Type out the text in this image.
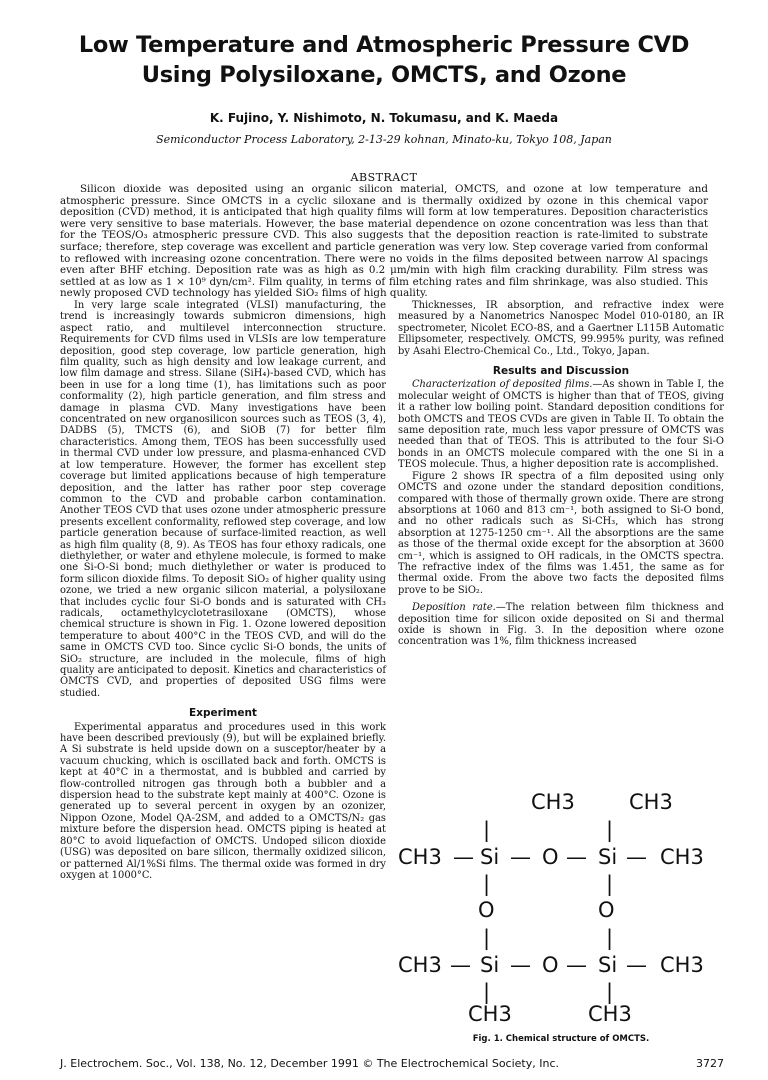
Low Temperature and Atmospheric Pressure CVD Using Polysiloxane, OMCTS, and Ozone
K. Fujino, Y. Nishimoto, N. Tokumasu, and K. Maeda
Semiconductor Process Laboratory, 2-13-29 kohnan, Minato-ku, Tokyo 108, Japan
ABSTRACT

Silicon dioxide was deposited using an organic silicon material, OMCTS, and ozone at low temperature and atmospheric pressure. Since OMCTS in a cyclic siloxane and is thermally oxidized by ozone in this chemical vapor deposition (CVD) method, it is anticipated that high quality films will form at low temperatures. Deposition characteristics were very sensitive to base materials. However, the base material dependence on ozone concentration was less than that for the TEOS/O₃ atmospheric pressure CVD. This also suggests that the deposition reaction is rate-limited to substrate surface; therefore, step coverage was excellent and particle generation was very low. Step coverage varied from conformal to reflowed with increasing ozone concentration. There were no voids in the films deposited between narrow Al spacings even after BHF etching. Deposition rate was as high as 0.2 μm/min with high film cracking durability. Film stress was settled at as low as 1 × 10⁹ dyn/cm². Film quality, in terms of film etching rates and film shrinkage, was also studied. This newly proposed CVD technology has yielded SiO₂ films of high quality.

In very large scale integrated (VLSI) manufacturing, the trend is increasingly towards submicron dimensions, high aspect ratio, and multilevel interconnection structure. Requirements for CVD films used in VLSIs are low temperature deposition, good step coverage, low particle generation, high film quality, such as high density and low leakage current, and low film damage and stress. Silane (SiH₄)-based CVD, which has been in use for a long time (1), has limitations such as poor conformality (2), high particle generation, and film stress and damage in plasma CVD. Many investigations have been concentrated on new organosilicon sources such as TEOS (3, 4), DADBS (5), TMCTS (6), and SiOB (7) for better film characteristics. Among them, TEOS has been successfully used in thermal CVD under low pressure, and plasma-enhanced CVD at low temperature. However, the former has excellent step coverage but limited applications because of high temperature deposition, and the latter has rather poor step coverage common to the CVD and probable carbon contamination. Another TEOS CVD that uses ozone under atmospheric pressure presents excellent conformality, reflowed step coverage, and low particle generation because of surface-limited reaction, as well as high film quality (8, 9). As TEOS has four ethoxy radicals, one diethylether, or water and ethylene molecule, is formed to make one Si-O-Si bond; much diethylether or water is produced to form silicon dioxide films. To deposit SiO₂ of higher quality using ozone, we tried a new organic silicon material, a polysiloxane that includes cyclic four Si-O bonds and is saturated with CH₃ radicals, octamethylcyclotetrasiloxane (OMCTS), whose chemical structure is shown in Fig. 1. Ozone lowered deposition temperature to about 400°C in the TEOS CVD, and will do the same in OMCTS CVD too. Since cyclic Si-O bonds, the units of SiO₂ structure, are included in the molecule, films of high quality are anticipated to deposit. Kinetics and characteristics of OMCTS CVD, and properties of deposited USG films were studied.

Experiment

Experimental apparatus and procedures used in this work have been described previously (9), but will be explained briefly. A Si substrate is held upside down on a susceptor/heater by a vacuum chucking, which is oscillated back and forth. OMCTS is kept at 40°C in a thermostat, and is bubbled and carried by flow-controlled nitrogen gas through both a bubbler and a dispersion head to the substrate kept mainly at 400°C. Ozone is generated up to several percent in oxygen by an ozonizer, Nippon Ozone, Model QA-2SM, and added to a OMCTS/N₂ gas mixture before the dispersion head. OMCTS piping is heated at 80°C to avoid liquefaction of OMCTS. Undoped silicon dioxide (USG) was deposited on bare silicon, thermally oxidized silicon, or patterned Al/1%Si films. The thermal oxide was formed in dry oxygen at 1000°C.

Thicknesses, IR absorption, and refractive index were measured by a Nanometrics Nanospec Model 010-0180, an IR spectrometer, Nicolet ECO-8S, and a Gaertner L115B Automatic Ellipsometer, respectively. OMCTS, 99.995% purity, was refined by Asahi Electro-Chemical Co., Ltd., Tokyo, Japan.

Results and Discussion

Characterization of deposited films.—As shown in Table I, the molecular weight of OMCTS is higher than that of TEOS, giving it a rather low boiling point. Standard deposition conditions for both OMCTS and TEOS CVDs are given in Table II. To obtain the same deposition rate, much less vapor pressure of OMCTS was needed than that of TEOS. This is attributed to the four Si-O bonds in an OMCTS molecule compared with the one Si in a TEOS molecule. Thus, a higher deposition rate is accomplished.

Figure 2 shows IR spectra of a film deposited using only OMCTS and ozone under the standard deposition conditions, compared with those of thermally grown oxide. There are strong absorptions at 1060 and 813 cm⁻¹, both assigned to Si-O bond, and no other radicals such as Si-CH₃, which has strong absorption at 1275-1250 cm⁻¹. All the absorptions are the same as those of the thermal oxide except for the absorption at 3600 cm⁻¹, which is assigned to OH radicals, in the OMCTS spectra. The refractive index of the films was 1.451, the same as for thermal oxide. From the above two facts the deposited films prove to be SiO₂.

Deposition rate.—The relation between film thickness and deposition time for silicon oxide deposited on Si and thermal oxide is shown in Fig. 3. In the deposition where ozone concentration was 1%, film thickness increased

CH3	CH3
|	|
CH3 — Si — O — Si — CH3
|	|
O	O
|	|
CH3 — Si — O — Si — CH3
|	|
CH3	CH3
Fig. 1. Chemical structure of OMCTS.
J. Electrochem. Soc., Vol. 138, No. 12, December 1991 © The Electrochemical Society, Inc.	3727
